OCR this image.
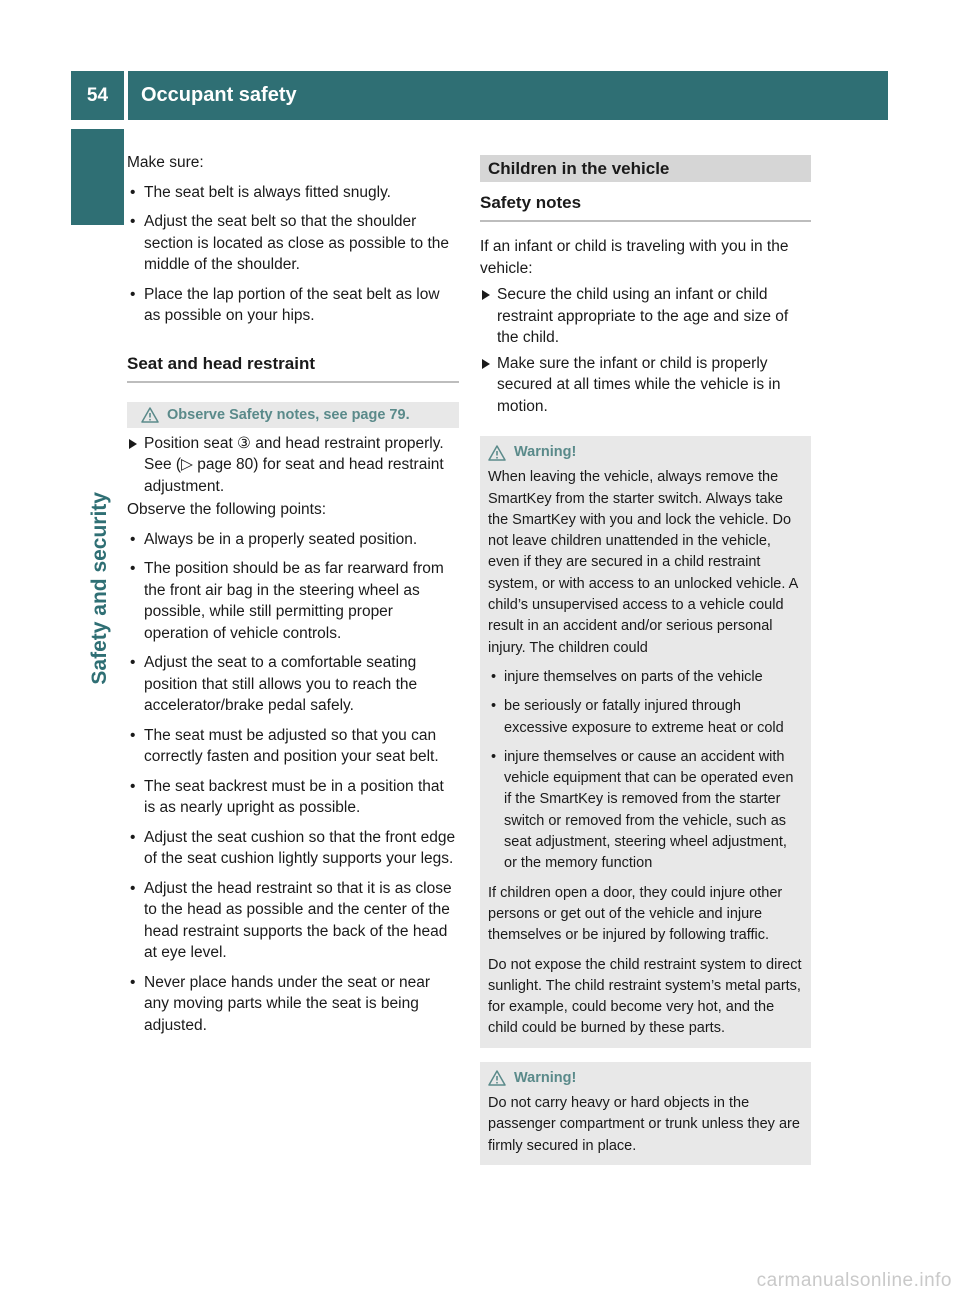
54	Occupant safety
Safety and security

Make sure:

• The seat belt is always fitted snugly.
• Adjust the seat belt so that the shoulder section is located as close as possible to the middle of the shoulder.
• Place the lap portion of the seat belt as low as possible on your hips.
Seat and head restraint
Observe Safety notes, see page 79.
Position seat ③ and head restraint properly. See (▷ page 80) for seat and head restraint adjustment.

Observe the following points:

• Always be in a properly seated position.
• The position should be as far rearward from the front air bag in the steering wheel as possible, while still permitting proper operation of vehicle controls.
• Adjust the seat to a comfortable seating position that still allows you to reach the accelerator/brake pedal safely.
• The seat must be adjusted so that you can correctly fasten and position your seat belt.
• The seat backrest must be in a position that is as nearly upright as possible.
• Adjust the seat cushion so that the front edge of the seat cushion lightly supports your legs.
• Adjust the head restraint so that it is as close to the head as possible and the center of the head restraint supports the back of the head at eye level.
• Never place hands under the seat or near any moving parts while the seat is being adjusted.
Children in the vehicle
Safety notes

If an infant or child is traveling with you in the vehicle:

Secure the child using an infant or child restraint appropriate to the age and size of the child.
Make sure the infant or child is properly secured at all times while the vehicle is in motion.
Warning!

When leaving the vehicle, always remove the SmartKey from the starter switch. Always take the SmartKey with you and lock the vehicle. Do not leave children unattended in the vehicle, even if they are secured in a child restraint system, or with access to an unlocked vehicle. A child’s unsupervised access to a vehicle could result in an accident and/or serious personal injury. The children could

• injure themselves on parts of the vehicle
• be seriously or fatally injured through excessive exposure to extreme heat or cold
• injure themselves or cause an accident with vehicle equipment that can be operated even if the SmartKey is removed from the starter switch or removed from the vehicle, such as seat adjustment, steering wheel adjustment, or the memory function

If children open a door, they could injure other persons or get out of the vehicle and injure themselves or be injured by following traffic.

Do not expose the child restraint system to direct sunlight. The child restraint system’s metal parts, for example, could become very hot, and the child could be burned by these parts.

Warning!

Do not carry heavy or hard objects in the passenger compartment or trunk unless they are firmly secured in place.

carmanualsonline.info
